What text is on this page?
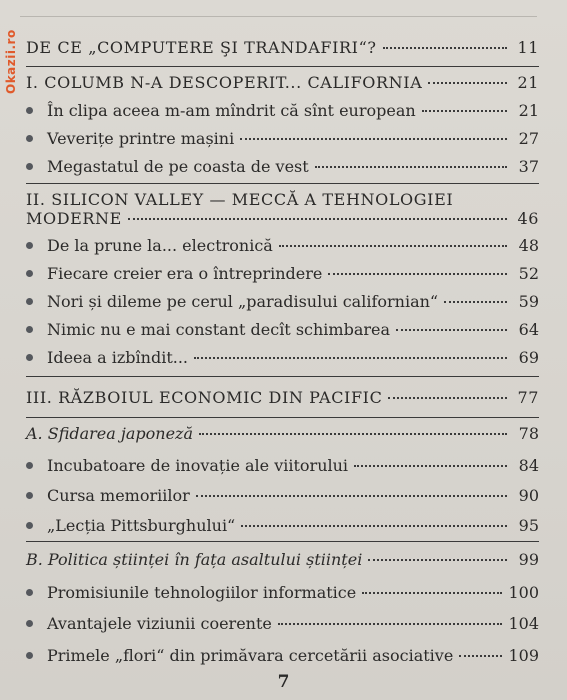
Okazii.ro DE CE „COMPUTERE ŞI TRANDAFIRI“?	11
I. COLUMB N-A DESCOPERIT... CALIFORNIA	21
În clipa aceea m-am mîndrit că sînt european	21
Veverițe printre mașini	27
Megastatul de pe coasta de vest	37
II. SILICON VALLEY — MECCĂ A TEHNOLOGIEI
MODERNE	46
De la prune la... electronică	48
Fiecare creier era o întreprindere	52
Nori și dileme pe cerul „paradisului californian“	59
Nimic nu e mai constant decît schimbarea	64
Ideea a izbîndit...	69
III. RĂZBOIUL ECONOMIC DIN PACIFIC	77
A. Sfidarea japoneză	78
Incubatoare de inovație ale viitorului	84
Cursa memoriilor	90
„Lecția Pittsburghului“	95
B. Politica științei în fața asaltului științei	99
Promisiunile tehnologiilor informatice	100
Avantajele viziunii coerente	104
Primele „flori“ din primăvara cercetării asociative	109
7
